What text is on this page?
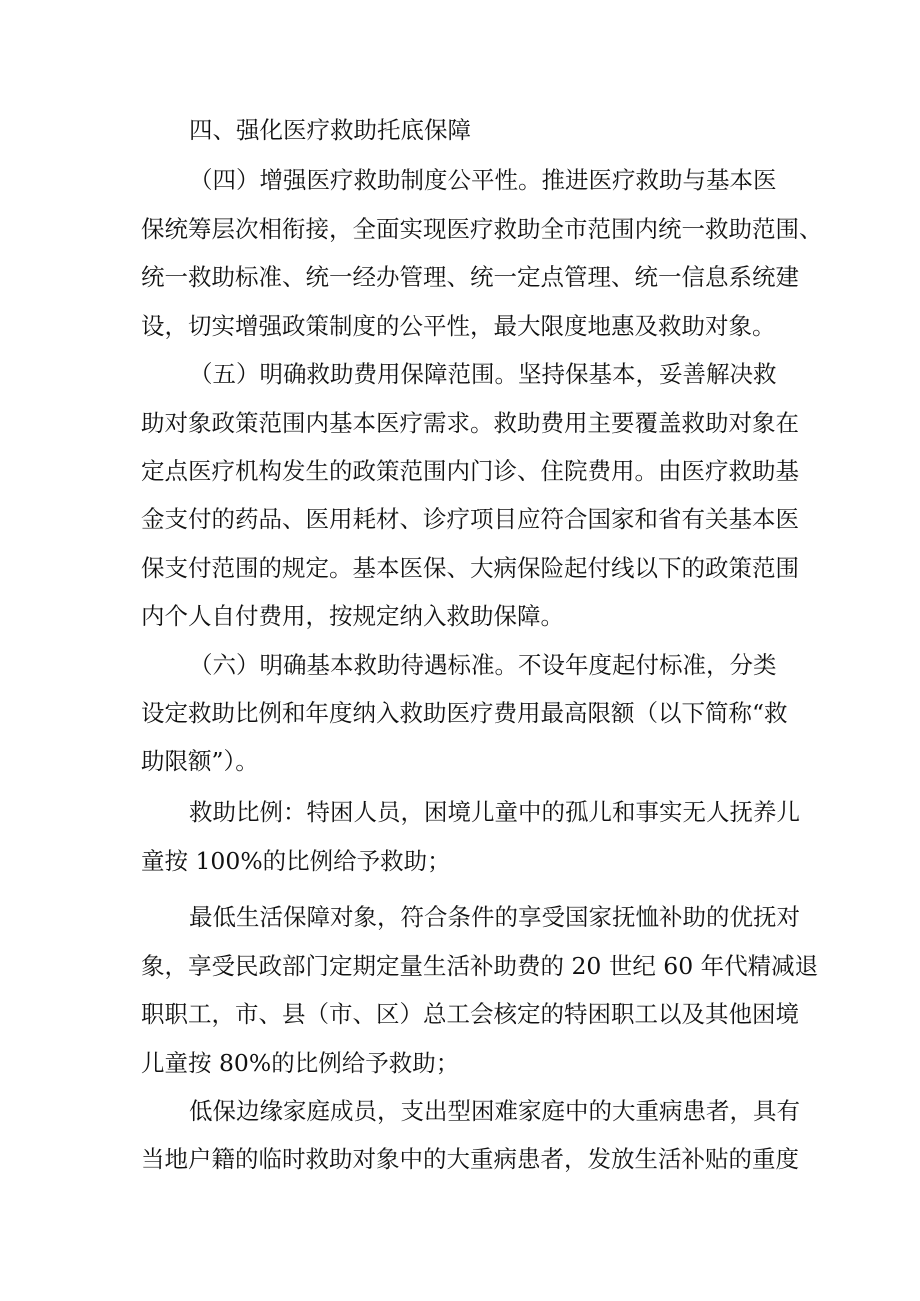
四、强化医疗救助托底保障

（四）增强医疗救助制度公平性。推进医疗救助与基本医

保统筹层次相衔接，全面实现医疗救助全市范围内统一救助范围、

统一救助标准、统一经办管理、统一定点管理、统一信息系统建

设，切实增强政策制度的公平性，最大限度地惠及救助对象。

（五）明确救助费用保障范围。坚持保基本，妥善解决救

助对象政策范围内基本医疗需求。救助费用主要覆盖救助对象在

定点医疗机构发生的政策范围内门诊、住院费用。由医疗救助基

金支付的药品、医用耗材、诊疗项目应符合国家和省有关基本医

保支付范围的规定。基本医保、大病保险起付线以下的政策范围

内个人自付费用，按规定纳入救助保障。

（六）明确基本救助待遇标准。不设年度起付标准，分类

设定救助比例和年度纳入救助医疗费用最高限额（以下简称“救

助限额”）。

救助比例：特困人员，困境儿童中的孤儿和事实无人抚养儿

童按 100%的比例给予救助；

最低生活保障对象，符合条件的享受国家抚恤补助的优抚对

象，享受民政部门定期定量生活补助费的 20 世纪 60 年代精减退

职职工，市、县（市、区）总工会核定的特困职工以及其他困境

儿童按 80%的比例给予救助；

低保边缘家庭成员，支出型困难家庭中的大重病患者，具有

当地户籍的临时救助对象中的大重病患者，发放生活补贴的重度
